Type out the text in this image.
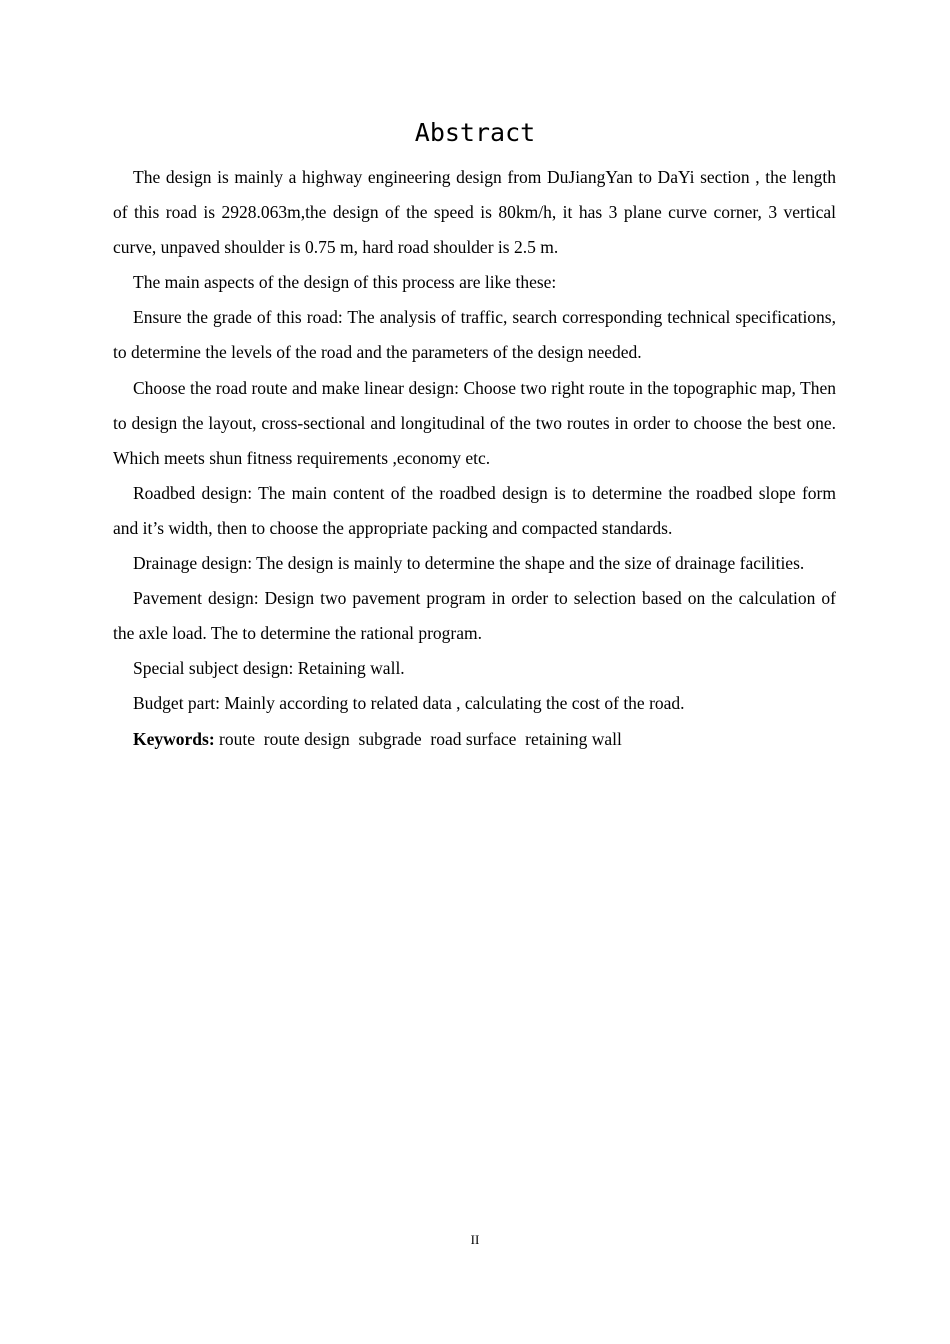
Abstract

The design is mainly a highway engineering design from DuJiangYan to DaYi section , the length of this road is 2928.063m,the design of the speed is 80km/h, it has 3 plane curve corner, 3 vertical curve, unpaved shoulder is 0.75 m, hard road shoulder is 2.5 m.

The main aspects of the design of this process are like these:

Ensure the grade of this road: The analysis of traffic, search corresponding technical specifications, to determine the levels of the road and the parameters of the design needed.

Choose the road route and make linear design: Choose two right route in the topographic map, Then to design the layout, cross-sectional and longitudinal of the two routes in order to choose the best one. Which meets shun fitness requirements ,economy etc.

Roadbed design: The main content of the roadbed design is to determine the roadbed slope form and it’s width, then to choose the appropriate packing and compacted standards.

Drainage design: The design is mainly to determine the shape and the size of drainage facilities.

Pavement design: Design two pavement program in order to selection based on the calculation of the axle load. The to determine the rational program.

Special subject design: Retaining wall.

Budget part: Mainly according to related data , calculating the cost of the road.

Keywords: route  route design  subgrade  road surface  retaining wall

II
